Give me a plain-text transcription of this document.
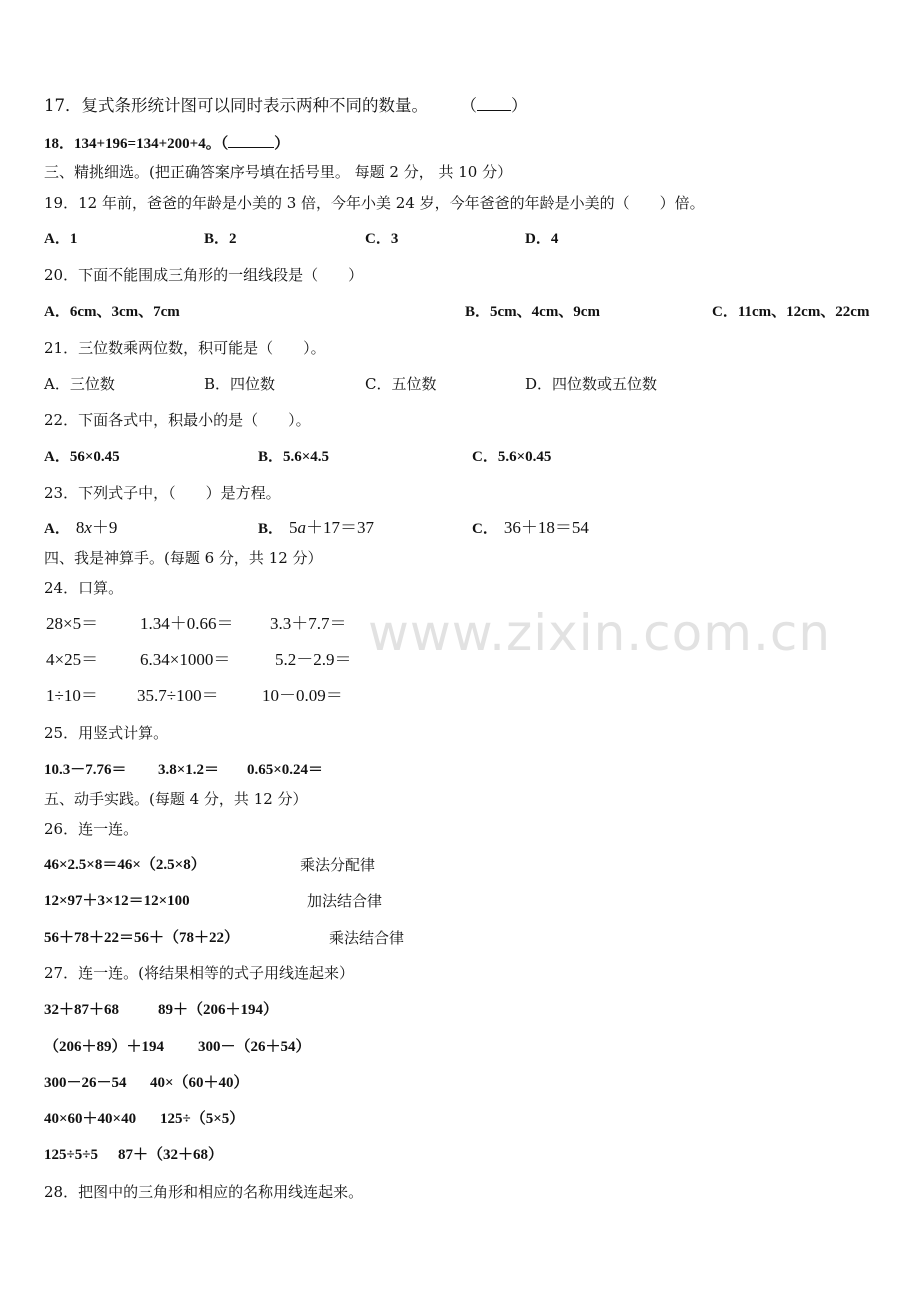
www.zixin.com.cn
17．复式条形统计图可以同时表示两种不同的数量。 （ ）
18．134+196=134+200+4。（	）
三、精挑细选。(把正确答案序号填在括号里。 每题 2 分， 共 10 分）
19．12 年前，爸爸的年龄是小美的 3 倍，今年小美 24 岁，今年爸爸的年龄是小美的（　　）倍。
A．1	B．2	C．3	D．4
20．下面不能围成三角形的一组线段是（　　）
A．6cm、3cm、7cm	B．5cm、4cm、9cm	C．11cm、12cm、22cm
21．三位数乘两位数，积可能是（　　）。
A．三位数	B．四位数	C．五位数	D．四位数或五位数
22．下面各式中，积最小的是（　　）。
A．56×0.45	B．5.6×4.5	C．5.6×0.45
23．下列式子中，（　　）是方程。
A． 8x＋9	B． 5a＋17＝37	C． 36＋18＝54
四、我是神算手。(每题 6 分，共 12 分）
24．口算。
28×5＝ 1.34＋0.66＝ 3.3＋7.7＝
4×25＝ 6.34×1000＝	5.2－2.9＝
1÷10＝ 35.7÷100＝	10－0.09＝
25．用竖式计算。
10.3－7.76＝ 3.8×1.2＝ 0.65×0.24＝
五、动手实践。(每题 4 分，共 12 分）
26．连一连。
46×2.5×8＝46×（2.5×8）	乘法分配律
12×97＋3×12＝12×100	加法结合律
56＋78＋22＝56＋（78＋22）	乘法结合律
27．连一连。(将结果相等的式子用线连起来）
32＋87＋68	89＋（206＋194）
（206＋89）＋194 300－（26＋54）
300－26－54 40×（60＋40）
40×60＋40×40 125÷（5×5）
125÷5÷5 87＋（32＋68）
28．把图中的三角形和相应的名称用线连起来。
